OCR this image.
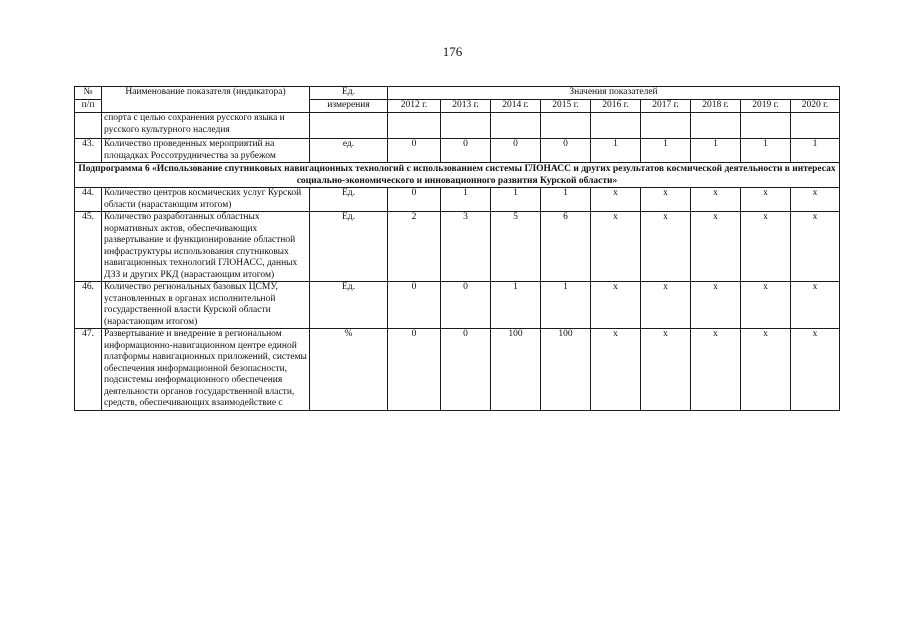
176
№	Наименование показателя (индикатора)	Ед.	Значения показателей								
п/п		измерения	2012 г.	2013 г.	2014 г.	2015 г.	2016 г.	2017 г.	2018 г.	2019 г.	2020 г.
	спорта с целью сохранения русского языка и русского культурного наследия										
43.	Количество проведенных мероприятий на площадках Россотрудничества за рубежом	ед.	0	0	0	0	1	1	1	1	1
Подпрограмма 6 «Использование спутниковых навигационных технологий с использованием системы ГЛОНАСС и других результатов космической деятельности в интересах социально-экономического и инновационного развития Курской области»											
44.	Количество центров космических услуг Курской области (нарастающим итогом)	Ед.	0	1	1	1	x	x	x	x	x
45.	Количество разработанных областных нормативных актов, обеспечивающих развертывание и функционирование областной инфраструктуры использования спутниковых навигационных технологий ГЛОНАСС, данных ДЗЗ и других РКД (нарастающим итогом)	Ед.	2	3	5	6	x	x	x	x	x
46.	Количество региональных базовых ЦСМУ, установленных в органах исполнительной государственной власти Курской области (нарастающим итогом)	Ед.	0	0	1	1	x	x	x	x	x
47.	Развертывание и внедрение в региональном информационно-навигационном центре единой платформы навигационных приложений, системы обеспечения информационной безопасности, подсистемы информационного обеспечения деятельности органов государственной власти, средств, обеспечивающих взаимодействие с	%	0	0	100	100	x	x	x	x	x
